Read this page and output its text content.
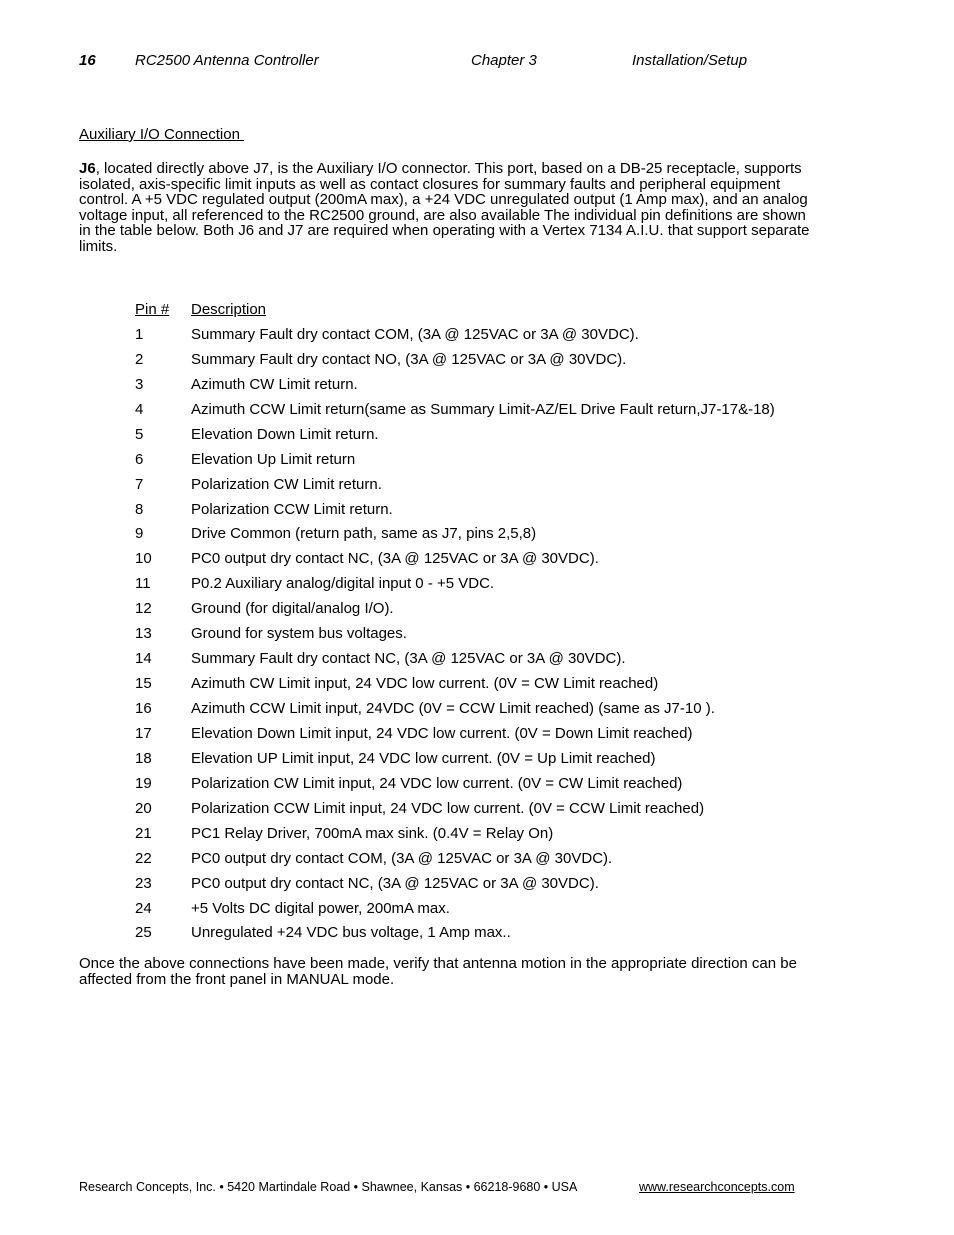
16	RC2500 Antenna Controller	Chapter 3	Installation/Setup
Auxiliary I/O Connection
J6, located directly above J7, is the Auxiliary I/O connector. This port, based on a DB-25 receptacle, supports isolated, axis-specific limit inputs as well as contact closures for summary faults and peripheral equipment control. A +5 VDC regulated output (200mA max), a +24 VDC unregulated output (1 Amp max), and an analog voltage input, all referenced to the RC2500 ground, are also available The individual pin definitions are shown in the table below. Both J6 and J7 are required when operating with a Vertex 7134 A.I.U. that support separate limits.
Pin # Description
1	Summary Fault dry contact COM, (3A @ 125VAC or 3A @ 30VDC).
2	Summary Fault dry contact NO, (3A @ 125VAC or 3A @ 30VDC).
3	Azimuth CW Limit return.
4	Azimuth CCW Limit return(same as Summary Limit-AZ/EL Drive Fault return,J7-17&-18)
5	Elevation Down Limit return.
6	Elevation Up Limit return
7	Polarization CW Limit return.
8	Polarization CCW Limit return.
9	Drive Common (return path, same as J7, pins 2,5,8)
10	PC0 output dry contact NC, (3A @ 125VAC or 3A @ 30VDC).
11	P0.2 Auxiliary analog/digital input 0 - +5 VDC.
12	Ground (for digital/analog I/O).
13	Ground for system bus voltages.
14	Summary Fault dry contact NC, (3A @ 125VAC or 3A @ 30VDC).
15	Azimuth CW Limit input, 24 VDC low current. (0V = CW Limit reached)
16	Azimuth CCW Limit input, 24VDC (0V = CCW Limit reached) (same as J7-10 ).
17	Elevation Down Limit input, 24 VDC low current. (0V = Down Limit reached)
18	Elevation UP Limit input, 24 VDC low current. (0V = Up Limit reached)
19	Polarization CW Limit input, 24 VDC low current. (0V = CW Limit reached)
20	Polarization CCW Limit input, 24 VDC low current. (0V = CCW Limit reached)
21	PC1 Relay Driver, 700mA max sink. (0.4V = Relay On)
22	PC0 output dry contact COM, (3A @ 125VAC or 3A @ 30VDC).
23	PC0 output dry contact NC, (3A @ 125VAC or 3A @ 30VDC).
24	+5 Volts DC digital power, 200mA max.
25	Unregulated +24 VDC bus voltage, 1 Amp max..
Once the above connections have been made, verify that antenna motion in the appropriate direction can be affected from the front panel in MANUAL mode.
Research Concepts, Inc. • 5420 Martindale Road • Shawnee, Kansas • 66218-9680 • USA	www.researchconcepts.com
